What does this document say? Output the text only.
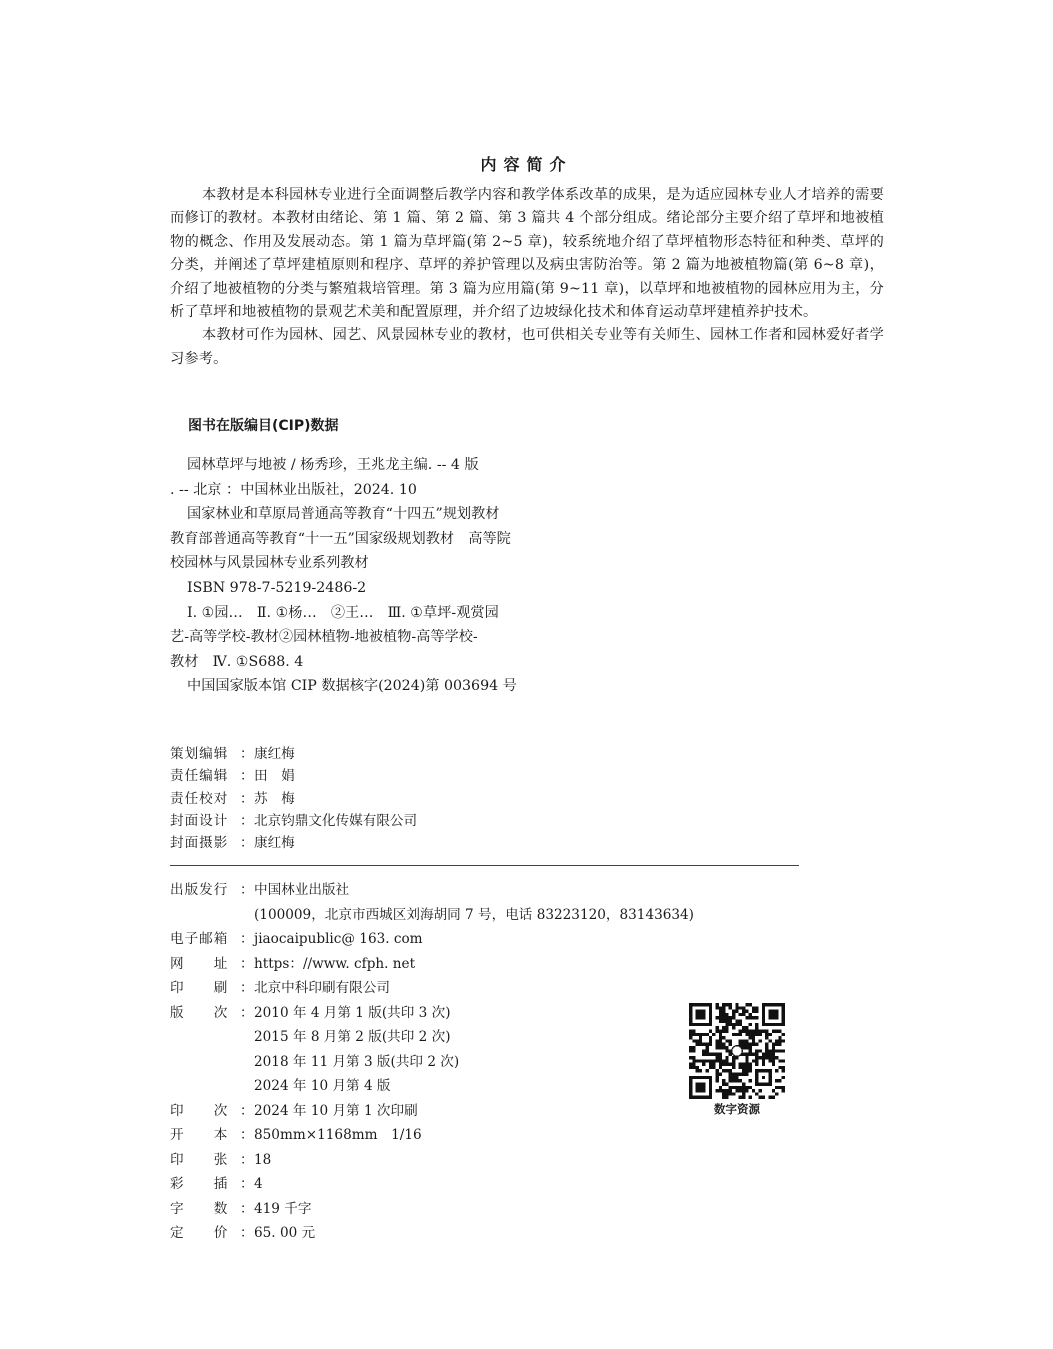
内容简介

本教材是本科园林专业进行全面调整后教学内容和教学体系改革的成果，是为适应园林专业人才培养的需要而修订的教材。本教材由绪论、第 1 篇、第 2 篇、第 3 篇共 4 个部分组成。绪论部分主要介绍了草坪和地被植物的概念、作用及发展动态。第 1 篇为草坪篇(第 2~5 章)，较系统地介绍了草坪植物形态特征和种类、草坪的分类，并阐述了草坪建植原则和程序、草坪的养护管理以及病虫害防治等。第 2 篇为地被植物篇(第 6~8 章)，介绍了地被植物的分类与繁殖栽培管理。第 3 篇为应用篇(第 9~11 章)，以草坪和地被植物的园林应用为主，分析了草坪和地被植物的景观艺术美和配置原理，并介绍了边坡绿化技术和体育运动草坪建植养护技术。

本教材可作为园林、园艺、风景园林专业的教材，也可供相关专业等有关师生、园林工作者和园林爱好者学习参考。

图书在版编目(CIP)数据
园林草坪与地被 / 杨秀珍，王兆龙主编. -- 4 版
. -- 北京 ：中国林业出版社，2024. 10
国家林业和草原局普通高等教育“十四五”规划教材
教育部普通高等教育“十一五”国家级规划教材　高等院
校园林与风景园林专业系列教材
ISBN 978-7-5219-2486-2
Ⅰ. ①园…　Ⅱ. ①杨…　②王…　Ⅲ. ①草坪-观赏园
艺-高等学校-教材②园林植物-地被植物-高等学校-
教材　Ⅳ. ①S688. 4
中国国家版本馆 CIP 数据核字(2024)第 003694 号
策划编辑 ：康红梅
责任编辑 ：田　娟
责任校对 ：苏　梅
封面设计 ：北京钧鼎文化传媒有限公司
封面摄影 ：康红梅
出版发行 ：中国林业出版社
(100009，北京市西城区刘海胡同 7 号，电话 83223120，83143634)
电子邮箱 ：jiaocaipublic@ 163. com
网　　址 ：https：//www. cfph. net
印　　刷 ：北京中科印刷有限公司
版　　次 ：2010 年 4 月第 1 版(共印 3 次)
2015 年 8 月第 2 版(共印 2 次)
2018 年 11 月第 3 版(共印 2 次)
2024 年 10 月第 4 版
印　　次 ：2024 年 10 月第 1 次印刷
开　　本 ：850mm×1168mm　1/16
印　　张 ：18
彩　　插 ：4
字　　数 ：419 千字
定　　价 ：65. 00 元
数字资源
